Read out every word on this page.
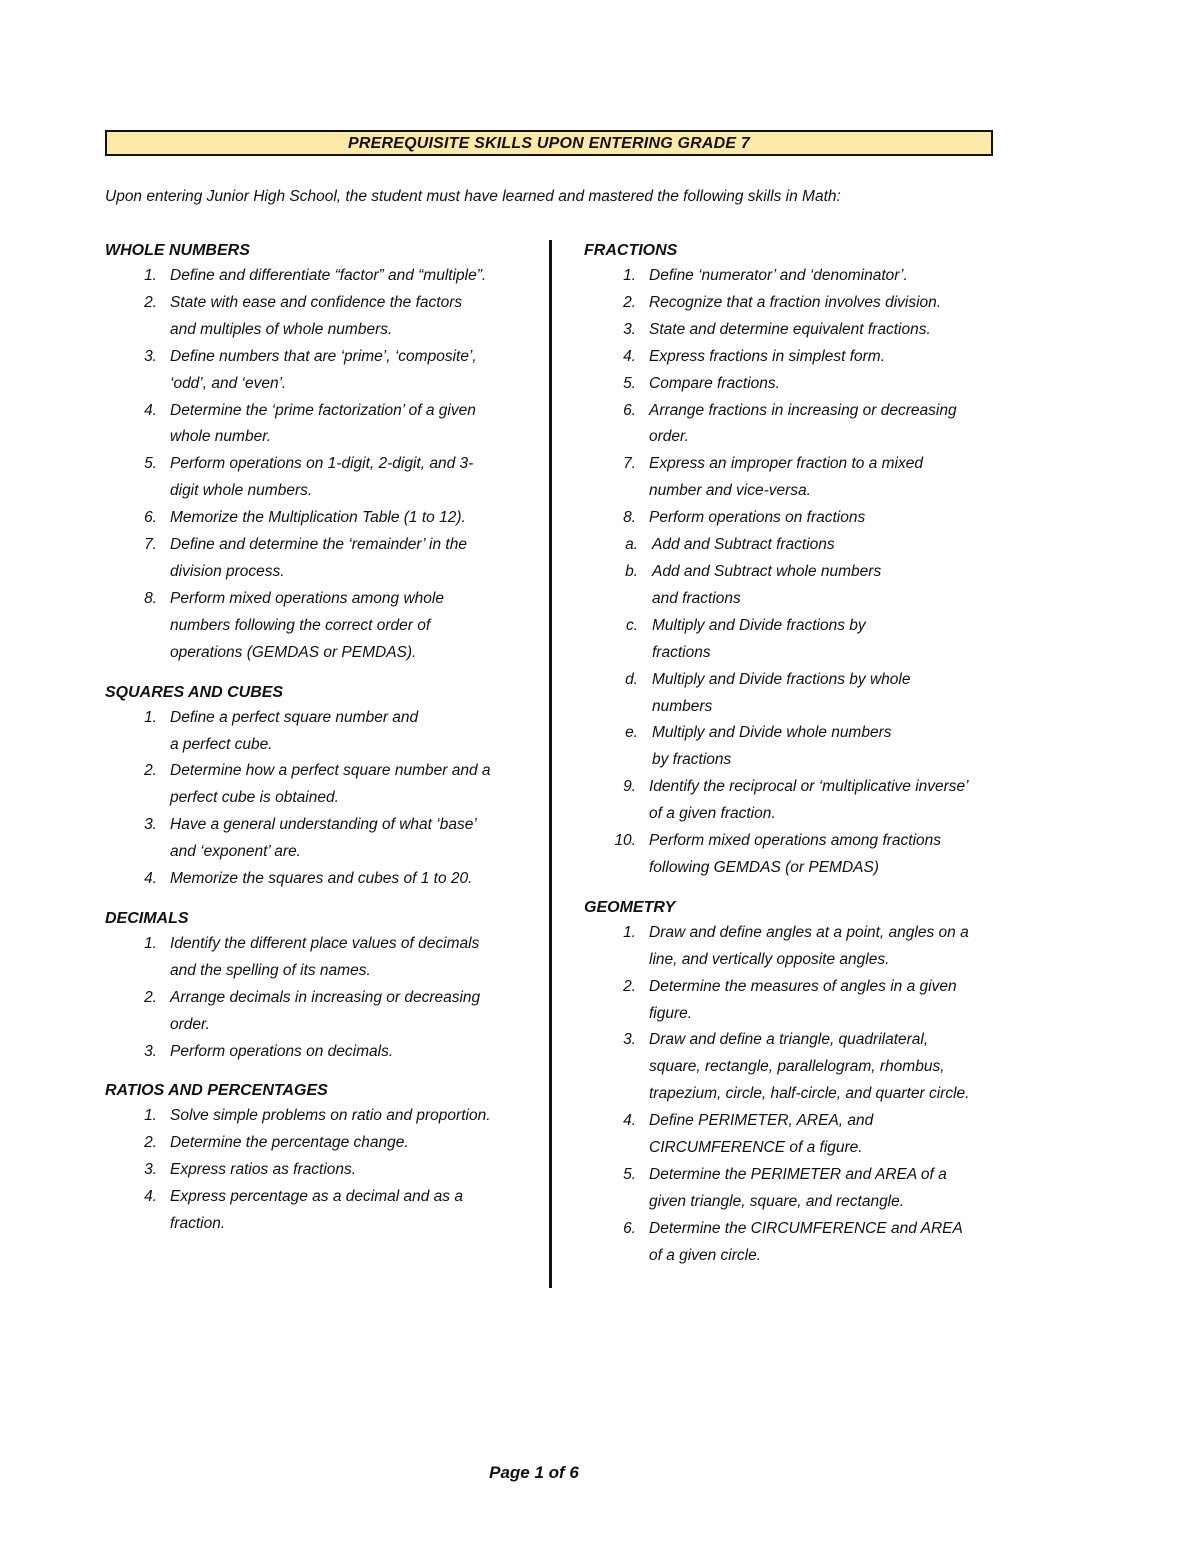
PREREQUISITE SKILLS UPON ENTERING GRADE 7
Upon entering Junior High School, the student must have learned and mastered the following skills in Math:
WHOLE NUMBERS
1. Define and differentiate “factor” and “multiple”.
2. State with ease and confidence the factors
and multiples of whole numbers.
3. Define numbers that are ‘prime’, ‘composite’,
‘odd’, and ‘even’.
4. Determine the ‘prime factorization’ of a given
whole number.
5. Perform operations on 1-digit, 2-digit, and 3-
digit whole numbers.
6. Memorize the Multiplication Table (1 to 12).
7. Define and determine the ‘remainder’ in the
division process.
8. Perform mixed operations among whole
numbers following the correct order of
operations (GEMDAS or PEMDAS).
SQUARES AND CUBES
1. Define a perfect square number and
a perfect cube.
2. Determine how a perfect square number and a
perfect cube is obtained.
3. Have a general understanding of what ‘base’
and ‘exponent’ are.
4. Memorize the squares and cubes of 1 to 20.
DECIMALS
1. Identify the different place values of decimals
and the spelling of its names.
2. Arrange decimals in increasing or decreasing
order.
3. Perform operations on decimals.
RATIOS AND PERCENTAGES
1. Solve simple problems on ratio and proportion.
2. Determine the percentage change.
3. Express ratios as fractions.
4. Express percentage as a decimal and as a
fraction.
FRACTIONS
1. Define ‘numerator’ and ‘denominator’.
2. Recognize that a fraction involves division.
3. State and determine equivalent fractions.
4. Express fractions in simplest form.
5. Compare fractions.
6. Arrange fractions in increasing or decreasing
order.
7. Express an improper fraction to a mixed
number and vice-versa.
8. Perform operations on fractions
a. Add and Subtract fractions
b. Add and Subtract whole numbers
and fractions
c. Multiply and Divide fractions by
fractions
d. Multiply and Divide fractions by whole
numbers
e. Multiply and Divide whole numbers
by fractions
9. Identify the reciprocal or ‘multiplicative inverse’
of a given fraction.
10. Perform mixed operations among fractions
following GEMDAS (or PEMDAS)
GEOMETRY
1. Draw and define angles at a point, angles on a
line, and vertically opposite angles.
2. Determine the measures of angles in a given
figure.
3. Draw and define a triangle, quadrilateral,
square, rectangle, parallelogram, rhombus,
trapezium, circle, half-circle, and quarter circle.
4. Define PERIMETER, AREA, and
CIRCUMFERENCE of a figure.
5. Determine the PERIMETER and AREA of a
given triangle, square, and rectangle.
6. Determine the CIRCUMFERENCE and AREA
of a given circle.
Page 1 of 6
